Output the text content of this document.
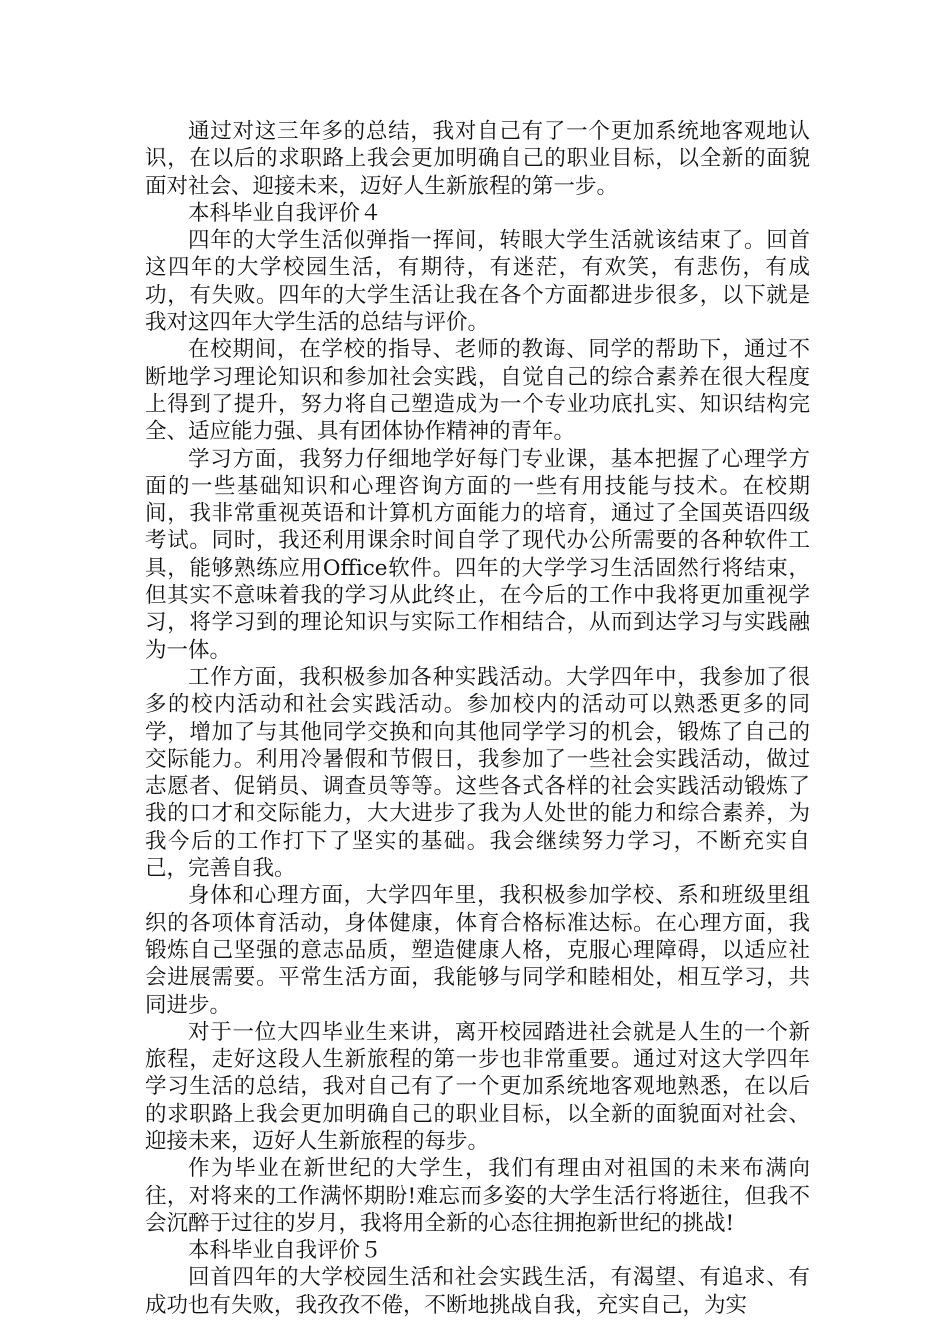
通过对这三年多的总结，我对自己有了一个更加系统地客观地认识，在以后的求职路上我会更加明确自己的职业目标，以全新的面貌面对社会、迎接未来，迈好人生新旅程的第一步。

本科毕业自我评价４

四年的大学生活似弹指一挥间，转眼大学生活就该结束了。回首这四年的大学校园生活，有期待，有迷茫，有欢笑，有悲伤，有成功，有失败。四年的大学生活让我在各个方面都进步很多，以下就是我对这四年大学生活的总结与评价。

在校期间，在学校的指导、老师的教诲、同学的帮助下，通过不断地学习理论知识和参加社会实践，自觉自己的综合素养在很大程度上得到了提升，努力将自己塑造成为一个专业功底扎实、知识结构完全、适应能力强、具有团体协作精神的青年。

学习方面，我努力仔细地学好每门专业课，基本把握了心理学方面的一些基础知识和心理咨询方面的一些有用技能与技术。在校期间，我非常重视英语和计算机方面能力的培育，通过了全国英语四级考试。同时，我还利用课余时间自学了现代办公所需要的各种软件工具，能够熟练应用Office软件。四年的大学学习生活固然行将结束，但其实不意味着我的学习从此终止，在今后的工作中我将更加重视学习，将学习到的理论知识与实际工作相结合，从而到达学习与实践融为一体。

工作方面，我积极参加各种实践活动。大学四年中，我参加了很多的校内活动和社会实践活动。参加校内的活动可以熟悉更多的同学，增加了与其他同学交换和向其他同学学习的机会，锻炼了自己的交际能力。利用冷暑假和节假日，我参加了一些社会实践活动，做过志愿者、促销员、调查员等等。这些各式各样的社会实践活动锻炼了我的口才和交际能力，大大进步了我为人处世的能力和综合素养，为我今后的工作打下了坚实的基础。我会继续努力学习，不断充实自己，完善自我。

身体和心理方面，大学四年里，我积极参加学校、系和班级里组织的各项体育活动，身体健康，体育合格标准达标。在心理方面，我锻炼自己坚强的意志品质，塑造健康人格，克服心理障碍，以适应社会进展需要。平常生活方面，我能够与同学和睦相处，相互学习，共同进步。

对于一位大四毕业生来讲，离开校园踏进社会就是人生的一个新旅程，走好这段人生新旅程的第一步也非常重要。通过对这大学四年学习生活的总结，我对自己有了一个更加系统地客观地熟悉，在以后的求职路上我会更加明确自己的职业目标，以全新的面貌面对社会、迎接未来，迈好人生新旅程的每步。

作为毕业在新世纪的大学生，我们有理由对祖国的未来布满向往，对将来的工作满怀期盼!难忘而多姿的大学生活行将逝往，但我不会沉醉于过往的岁月，我将用全新的心态往拥抱新世纪的挑战!

本科毕业自我评价５

回首四年的大学校园生活和社会实践生活，有渴望、有追求、有成功也有失败，我孜孜不倦，不断地挑战自我，充实自己，为实
